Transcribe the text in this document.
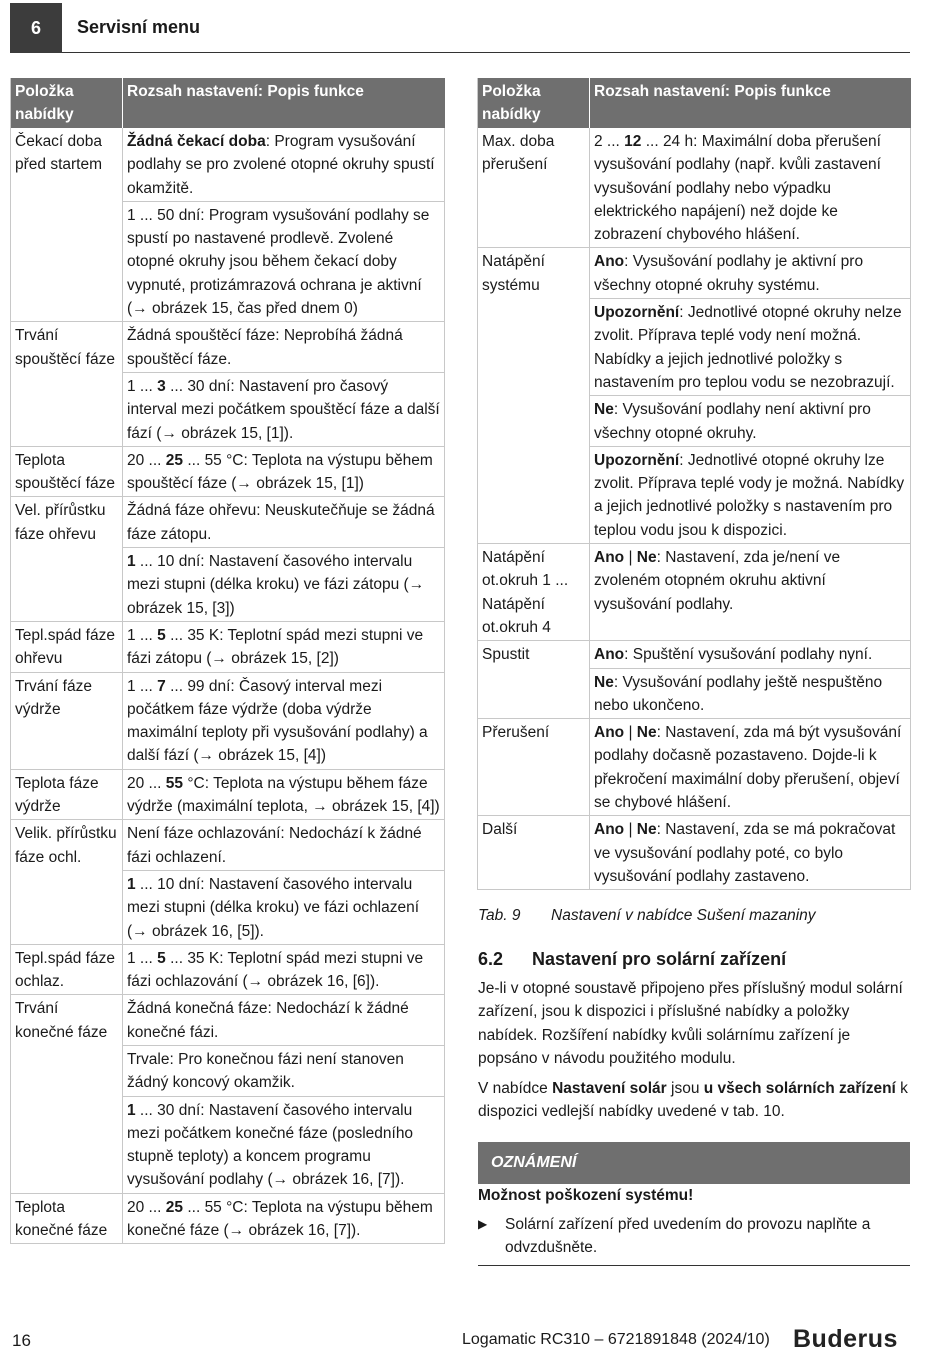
6	Servisní menu
Položka nabídky	Rozsah nastavení: Popis funkce
Čekací doba před startem	Žádná čekací doba: Program vysušování podlahy se pro zvolené otopné okruhy spustí okamžitě.
	1 ... 50 dní: Program vysušování podlahy se spustí po nastavené prodlevě. Zvolené otopné okruhy jsou během čekací doby vypnuté, protizámrazová ochrana je aktivní (→ obrázek 15, čas před dnem 0)
Trvání spouštěcí fáze	Žádná spouštěcí fáze: Neprobíhá žádná spouštěcí fáze.
	1 ... 3 ... 30 dní: Nastavení pro časový interval mezi počátkem spouštěcí fáze a další fází (→ obrázek 15, [1]).
Teplota spouštěcí fáze	20 ... 25 ... 55 °C: Teplota na výstupu během spouštěcí fáze (→ obrázek 15, [1])
Vel. přírůstku fáze ohřevu	Žádná fáze ohřevu: Neuskutečňuje se žádná fáze zátopu.
	1 ... 10 dní: Nastavení časového intervalu mezi stupni (délka kroku) ve fázi zátopu (→ obrázek 15, [3])
Tepl.spád fáze ohřevu	1 ... 5 ... 35 K: Teplotní spád mezi stupni ve fázi zátopu (→ obrázek 15, [2])
Trvání fáze výdrže	1 ... 7 ... 99 dní: Časový interval mezi počátkem fáze výdrže (doba výdrže maximální teploty při vysušování podlahy) a další fází (→ obrázek 15, [4])
Teplota fáze výdrže	20 ... 55 °C: Teplota na výstupu během fáze výdrže (maximální teplota, → obrázek 15, [4])
Velik. přírůstku fáze ochl.	Není fáze ochlazování: Nedochází k žádné fázi ochlazení.
	1 ... 10 dní: Nastavení časového intervalu mezi stupni (délka kroku) ve fázi ochlazení (→ obrázek 16, [5]).
Tepl.spád fáze ochlaz.	1 ... 5 ... 35 K: Teplotní spád mezi stupni ve fázi ochlazování (→ obrázek 16, [6]).
Trvání konečné fáze	Žádná konečná fáze: Nedochází k žádné konečné fázi.
	Trvale: Pro konečnou fázi není stanoven žádný koncový okamžik.
	1 ... 30 dní: Nastavení časového intervalu mezi počátkem konečné fáze (posledního stupně teploty) a koncem programu vysušování podlahy (→ obrázek 16, [7]).
Teplota konečné fáze	20 ... 25 ... 55 °C: Teplota na výstupu během konečné fáze (→ obrázek 16, [7]).
Položka nabídky	Rozsah nastavení: Popis funkce
Max. doba přerušení	2 ... 12 ... 24 h: Maximální doba přerušení vysušování podlahy (např. kvůli zastavení vysušování podlahy nebo výpadku elektrického napájení) než dojde ke zobrazení chybového hlášení.
Natápění systému	Ano: Vysušování podlahy je aktivní pro všechny otopné okruhy systému.
	Upozornění: Jednotlivé otopné okruhy nelze zvolit. Příprava teplé vody není možná. Nabídky a jejich jednotlivé položky s nastavením pro teplou vodu se nezobrazují.
	Ne: Vysušování podlahy není aktivní pro všechny otopné okruhy.
	Upozornění: Jednotlivé otopné okruhy lze zvolit. Příprava teplé vody je možná. Nabídky a jejich jednotlivé položky s nastavením pro teplou vodu jsou k dispozici.
Natápění ot.okruh 1 ... Natápění ot.okruh 4	Ano | Ne: Nastavení, zda je/není ve zvoleném otopném okruhu aktivní vysušování podlahy.
Spustit	Ano: Spuštění vysušování podlahy nyní.
	Ne: Vysušování podlahy ještě nespuštěno nebo ukončeno.
Přerušení	Ano | Ne: Nastavení, zda má být vysušování podlahy dočasně pozastaveno. Dojde-li k překročení maximální doby přerušení, objeví se chybové hlášení.
Další	Ano | Ne: Nastavení, zda se má pokračovat ve vysušování podlahy poté, co bylo vysušování podlahy zastaveno.
Tab. 9 Nastavení v nabídce Sušení mazaniny
6.2 Nastavení pro solární zařízení
Je-li v otopné soustavě připojeno přes příslušný modul solární zařízení, jsou k dispozici i příslušné nabídky a položky nabídek. Rozšíření nabídky kvůli solárnímu zařízení je popsáno v návodu použitého modulu.
V nabídce Nastavení solár jsou u všech solárních zařízení k dispozici vedlejší nabídky uvedené v tab. 10.
OZNÁMENÍ
Možnost poškození systému!
▶	Solární zařízení před uvedením do provozu naplňte a odvzdušněte.
16	Logamatic RC310 – 6721891848 (2024/10) Buderus
